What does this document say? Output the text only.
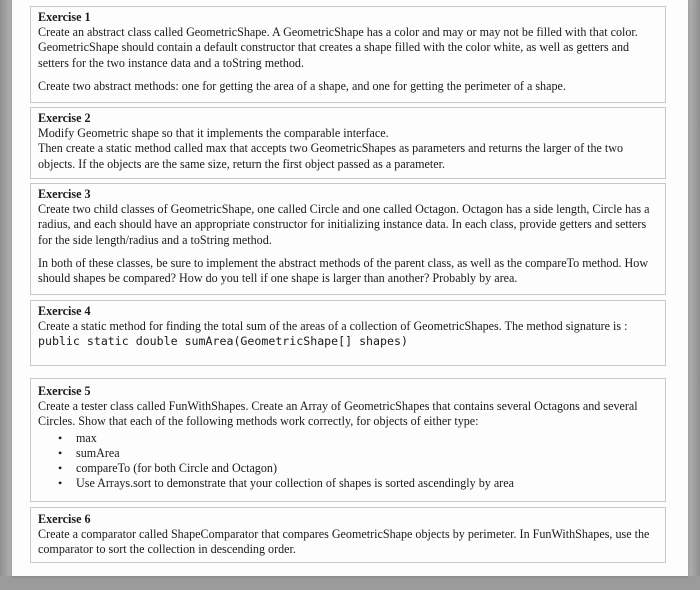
Exercise 1

Create an abstract class called GeometricShape. A GeometricShape has a color and may or may not be filled with that color. GeometricShape should contain a default constructor that creates a shape filled with the color white, as well as getters and setters for the two instance data and a toString method.

Create two abstract methods: one for getting the area of a shape, and one for getting the perimeter of a shape.

Exercise 2

Modify Geometric shape so that it implements the comparable interface.

Then create a static method called max that accepts two GeometricShapes as parameters and returns the larger of the two objects. If the objects are the same size, return the first object passed as a parameter.

Exercise 3

Create two child classes of GeometricShape, one called Circle and one called Octagon. Octagon has a side length, Circle has a radius, and each should have an appropriate constructor for initializing instance data. In each class, provide getters and setters for the side length/radius and a toString method.

In both of these classes, be sure to implement the abstract methods of the parent class, as well as the compareTo method. How should shapes be compared? How do you tell if one shape is larger than another? Probably by area.

Exercise 4

Create a static method for finding the total sum of the areas of a collection of GeometricShapes. The method signature is : public static double sumArea(GeometricShape[] shapes)

Exercise 5

Create a tester class called FunWithShapes. Create an Array of GeometricShapes that contains several Octagons and several Circles. Show that each of the following methods work correctly, for objects of either type:

• max
• sumArea
• compareTo (for both Circle and Octagon)
• Use Arrays.sort to demonstrate that your collection of shapes is sorted ascendingly by area

Exercise 6

Create a comparator called ShapeComparator that compares GeometricShape objects by perimeter. In FunWithShapes, use the comparator to sort the collection in descending order.
